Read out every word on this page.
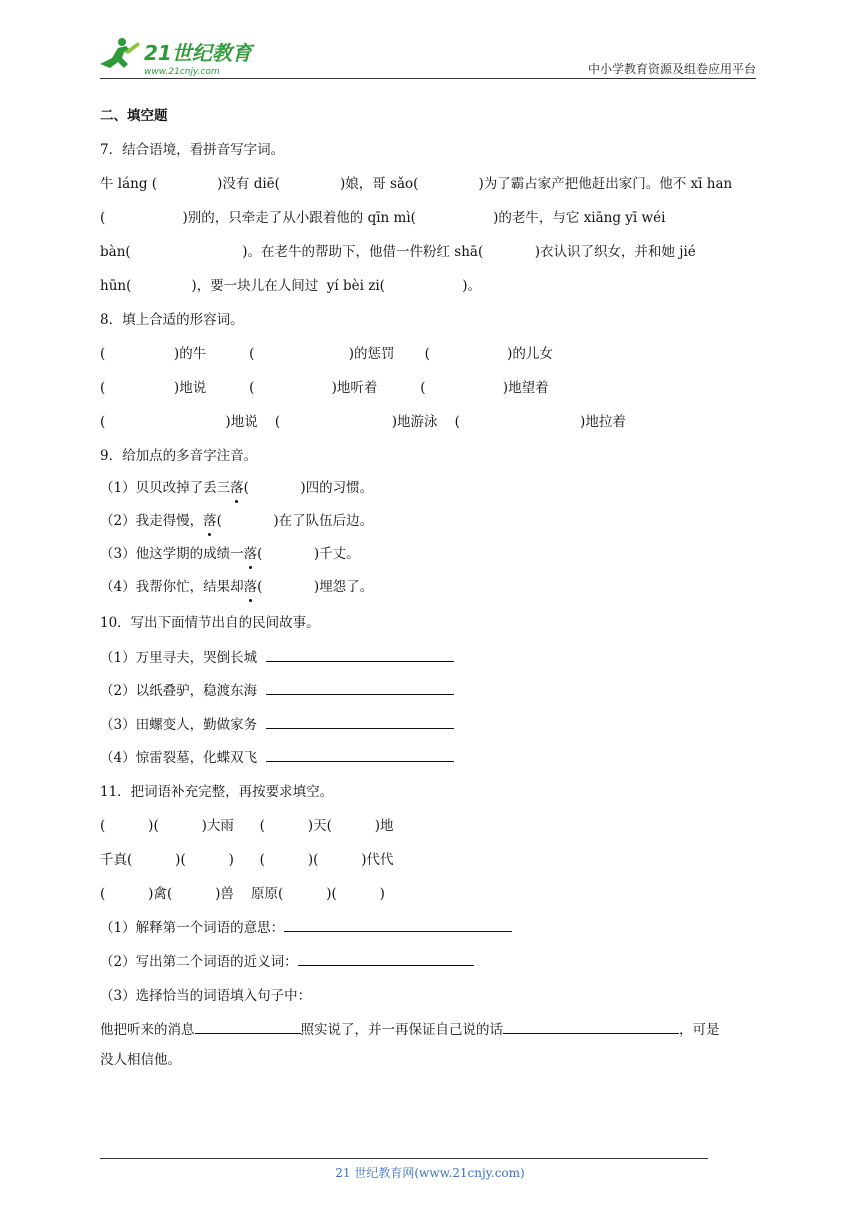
21世纪教育
www.21cnjy.com	中小学教育资源及组卷应用平台
二、填空题
7．结合语境，看拼音写字词。
牛 láng (              )没有 diē(              )娘，哥 sǎo(              )为了霸占家产把他赶出家门。他不 xī han
(                  )别的，只牵走了从小跟着他的 qīn mì(                  )的老牛，与它 xiāng yī wéi
bàn(                          )。在老牛的帮助下，他借一件粉红 shā(            )衣认识了织女，并和她 jié
hūn(              )，要一块儿在人间过  yí bèi zi(                  )。
8．填上合适的形容词。
(                )的牛          (                      )的惩罚       (                  )的儿女
(                )地说          (                  )地听着          (                  )地望着
(                            )地说    (                          )地游泳    (                            )地拉着
9．给加点的多音字注音。
（1）贝贝改掉了丢三落(            )四的习惯。
（2）我走得慢，落(            )在了队伍后边。
（3）他这学期的成绩一落(            )千丈。
（4）我帮你忙，结果却落(            )埋怨了。
10．写出下面情节出自的民间故事。
（1）万里寻夫，哭倒长城
（2）以纸叠驴，稳渡东海
（3）田螺变人，勤做家务
（4）惊雷裂墓，化蝶双飞
11．把词语补充完整，再按要求填空。
(          )(          )大雨      (          )天(          )地
千真(          )(          )      (          )(          )代代
(          )禽(          )兽    原原(          )(          )
（1）解释第一个词语的意思：
（2）写出第二个词语的近义词：
（3）选择恰当的词语填入句子中：
他把听来的消息	照实说了，并一再保证自己说的话	，可是
没人相信他。
21 世纪教育网(www.21cnjy.com)
